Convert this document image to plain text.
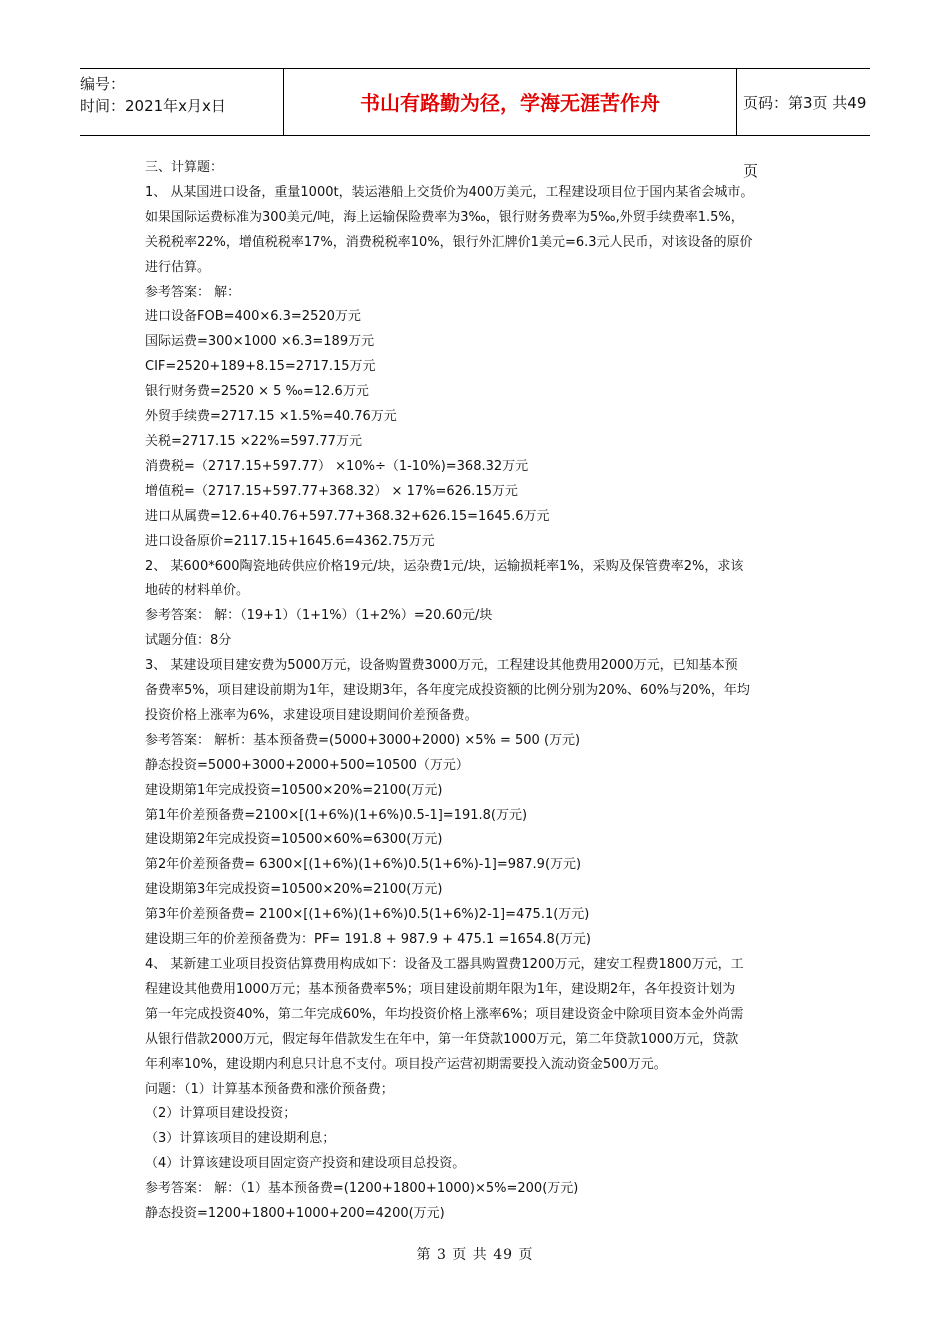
编号：
时间：2021年x月x日	书山有路勤为径，学海无涯苦作舟	页码：第3页 共49页

三、计算题：

1、 从某国进口设备，重量1000t，装运港船上交货价为400万美元，工程建设项目位于国内某省会城市。

如果国际运费标准为300美元/吨，海上运输保险费率为3‰，银行财务费率为5‰,外贸手续费率1.5%，

关税税率22%，增值税税率17%，消费税税率10%，银行外汇牌价1美元=6.3元人民币，对该设备的原价

进行估算。

参考答案： 解：

进口设备FOB=400×6.3=2520万元

国际运费=300×1000 ×6.3=189万元

CIF=2520+189+8.15=2717.15万元

银行财务费=2520 × 5 ‰=12.6万元

外贸手续费=2717.15 ×1.5%=40.76万元

关税=2717.15 ×22%=597.77万元

消费税=（2717.15+597.77） ×10%÷（1-10%)=368.32万元

增值税=（2717.15+597.77+368.32） × 17%=626.15万元

进口从属费=12.6+40.76+597.77+368.32+626.15=1645.6万元

进口设备原价=2117.15+1645.6=4362.75万元

2、 某600*600陶瓷地砖供应价格19元/块，运杂费1元/块，运输损耗率1%，采购及保管费率2%，求该

地砖的材料单价。

参考答案： 解：（19+1）（1+1%）（1+2%）=20.60元/块

试题分值：8分

3、 某建设项目建安费为5000万元，设备购置费3000万元，工程建设其他费用2000万元，已知基本预

备费率5%，项目建设前期为1年，建设期3年，各年度完成投资额的比例分别为20%、60%与20%，年均

投资价格上涨率为6%，求建设项目建设期间价差预备费。

参考答案： 解析：基本预备费=(5000+3000+2000) ×5% = 500 (万元)

静态投资=5000+3000+2000+500=10500（万元）

建设期第1年完成投资=10500×20%=2100(万元)

第1年价差预备费=2100×[(1+6%)(1+6%)0.5-1]=191.8(万元)

建设期第2年完成投资=10500×60%=6300(万元)

第2年价差预备费= 6300×[(1+6%)(1+6%)0.5(1+6%)-1]=987.9(万元)

建设期第3年完成投资=10500×20%=2100(万元)

第3年价差预备费= 2100×[(1+6%)(1+6%)0.5(1+6%)2-1]=475.1(万元)

建设期三年的价差预备费为：PF= 191.8 + 987.9 + 475.1 =1654.8(万元)

4、 某新建工业项目投资估算费用构成如下：设备及工器具购置费1200万元，建安工程费1800万元，工

程建设其他费用1000万元；基本预备费率5%；项目建设前期年限为1年，建设期2年，各年投资计划为

第一年完成投资40%，第二年完成60%，年均投资价格上涨率6%；项目建设资金中除项目资本金外尚需

从银行借款2000万元，假定每年借款发生在年中，第一年贷款1000万元，第二年贷款1000万元，贷款

年利率10%，建设期内利息只计息不支付。项目投产运营初期需要投入流动资金500万元。

问题：（1）计算基本预备费和涨价预备费；

（2）计算项目建设投资；

（3）计算该项目的建设期利息；

（4）计算该建设项目固定资产投资和建设项目总投资。

参考答案： 解：（1）基本预备费=(1200+1800+1000)×5%=200(万元)

静态投资=1200+1800+1000+200=4200(万元)

第 3 页 共 49 页
